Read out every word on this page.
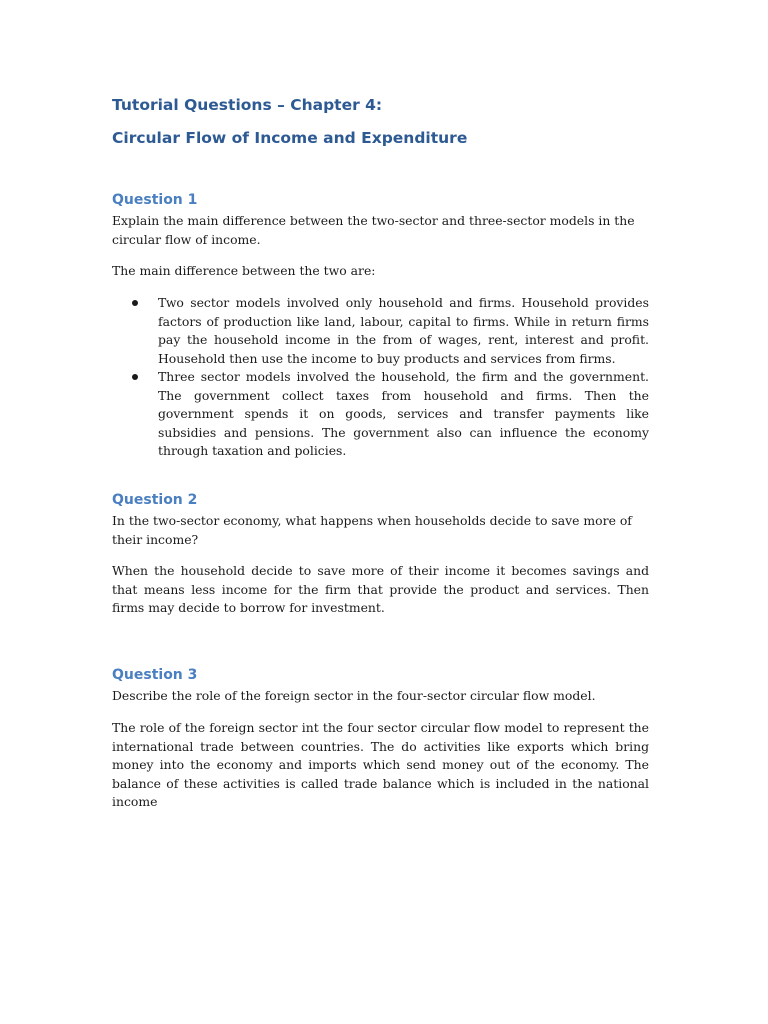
Tutorial Questions – Chapter 4:
Circular Flow of Income and Expenditure
Question 1

Explain the main difference between the two-sector and three-sector models in the circular flow of income.

The main difference between the two are:

Two sector models involved only household and firms. Household provides factors of production like land, labour, capital to firms. While in return firms pay the household income in the from of wages, rent, interest and profit. Household then use the income to buy products and services from firms.
Three sector models involved the household, the firm and the government. The government collect taxes from household and firms. Then the government spends it on goods, services and transfer payments like subsidies and pensions. The government also can influence the economy through taxation and policies.
Question 2

In the two-sector economy, what happens when households decide to save more of their income?

When the household decide to save more of their income it becomes savings and that means less income for the firm that provide the product and services. Then firms may decide to borrow for investment.

Question 3

Describe the role of the foreign sector in the four-sector circular flow model.

The role of the foreign sector int the four sector circular flow model to represent the international trade between countries. The do activities like exports which bring money into the economy and imports which send money out of the economy. The balance of these activities is called trade balance which is included in the national income
